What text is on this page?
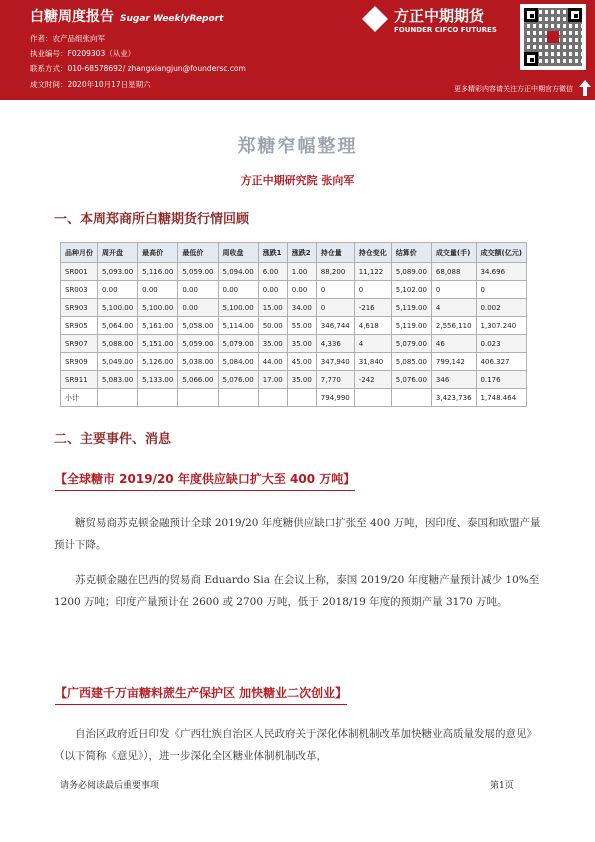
白糖周度报告 Sugar WeeklyReport
作者：农产品组张向军
执业编号：F0209303（从业）
联系方式：010-68578692/ zhangxiangjun@foundersc.com
成文时间：2020年10月17日星期六
方正中期期货
FOUNDER CIFCO FUTURES
更多精彩内容请关注方正中期官方微信
郑糖窄幅整理
方正中期研究院 张向军
一、本周郑商所白糖期货行情回顾
品种月份	周开盘	最高价	最低价	周收盘	涨跌1	涨跌2	持仓量	持仓变化	结算价	成交量(手)	成交额(亿元)
SR001	5,093.00	5,116.00	5,059.00	5,094.00	6.00	1.00	88,200	11,122	5,089.00	68,088	34.696
SR003	0.00	0.00	0.00	0.00	0.00	0.00	0	0	5,102.00	0	0
SR903	5,100.00	5,100.00	0.00	5,100.00	15.00	34.00	0	-216	5,119.00	4	0.002
SR905	5,064.00	5,161.00	5,058.00	5,114.00	50.00	55.00	346,744	4,618	5,119.00	2,556,110	1,307.240
SR907	5,088.00	5,151.00	5,059.00	5,079.00	35.00	35.00	4,336	4	5,079.00	46	0.023
SR909	5,049.00	5,126.00	5,038.00	5,084.00	44.00	45.00	347,940	31,840	5,085.00	799,142	406.327
SR911	5,083.00	5,133.00	5,066.00	5,076.00	17.00	35.00	7,770	-242	5,076.00	346	0.176
小计							794,990			3,423,736	1,748.464
二、主要事件、消息
【全球糖市 2019/20 年度供应缺口扩大至 400 万吨】
糖贸易商苏克顿金融预计全球 2019/20 年度糖供应缺口扩张至 400 万吨，因印度、泰国和欧盟产量预计下降。
苏克顿金融在巴西的贸易商 Eduardo Sia 在会议上称，泰国 2019/20 年度糖产量预计减少 10%至 1200 万吨；印度产量预计在 2600 或 2700 万吨，低于 2018/19 年度的预期产量 3170 万吨。
【广西建千万亩糖料蔗生产保护区 加快糖业二次创业】
自治区政府近日印发《广西壮族自治区人民政府关于深化体制机制改革加快糖业高质量发展的意见》（以下简称《意见》），进一步深化全区糖业体制机制改革，
请务必阅读最后重要事项	第1页
